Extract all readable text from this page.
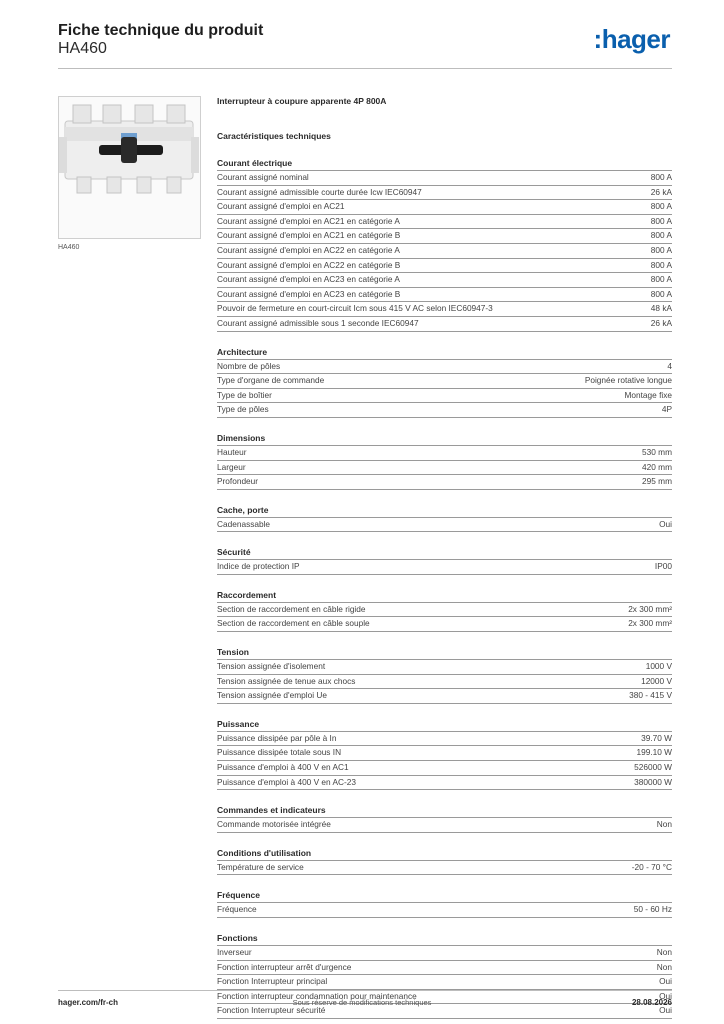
Fiche technique du produit
HA460	:hager
HA460
Interrupteur à coupure apparente 4P 800A
Caractéristiques techniques
Courant électrique
Courant assigné nominal	800 A
Courant assigné admissible courte durée Icw IEC60947	26 kA
Courant assigné d'emploi en AC21	800 A
Courant assigné d'emploi en AC21 en catégorie A	800 A
Courant assigné d'emploi en AC21 en catégorie B	800 A
Courant assigné d'emploi en AC22 en catégorie A	800 A
Courant assigné d'emploi en AC22 en catégorie B	800 A
Courant assigné d'emploi en AC23 en catégorie A	800 A
Courant assigné d'emploi en AC23 en catégorie B	800 A
Pouvoir de fermeture en court-circuit Icm sous 415 V AC selon IEC60947-3	48 kA
Courant assigné admissible sous 1 seconde IEC60947	26 kA
Architecture
Nombre de pôles	4
Type d'organe de commande	Poignée rotative longue
Type de boîtier	Montage fixe
Type de pôles	4P
Dimensions
Hauteur	530 mm
Largeur	420 mm
Profondeur	295 mm
Cache, porte
Cadenassable	Oui
Sécurité
Indice de protection IP	IP00
Raccordement
Section de raccordement en câble rigide	2x 300 mm²
Section de raccordement en câble souple	2x 300 mm²
Tension
Tension assignée d'isolement	1000 V
Tension assignée de tenue aux chocs	12000 V
Tension assignée d'emploi Ue	380 - 415 V
Puissance
Puissance dissipée par pôle à In	39.70 W
Puissance dissipée totale sous IN	199.10 W
Puissance d'emploi à 400 V en AC1	526000 W
Puissance d'emploi à 400 V en AC-23	380000 W
Commandes et indicateurs
Commande motorisée intégrée	Non
Conditions d'utilisation
Température de service	-20 - 70 °C
Fréquence
Fréquence	50 - 60 Hz
Fonctions
Inverseur	Non
Fonction interrupteur arrêt d'urgence	Non
Fonction Interrupteur principal	Oui
Fonction interrupteur condamnation pour maintenance	Oui
Fonction Interrupteur sécurité	Oui
hager.com/fr-ch	Sous réserve de modifications techniques	28.08.2026
